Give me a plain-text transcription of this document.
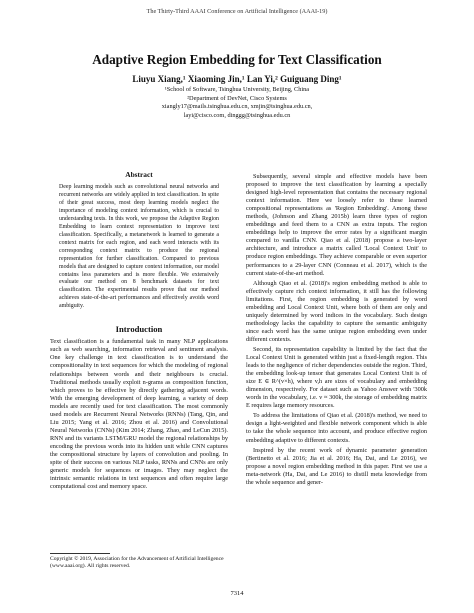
The Thirty-Third AAAI Conference on Artificial Intelligence (AAAI-19)
Adaptive Region Embedding for Text Classification
Liuyu Xiang,¹ Xiaoming Jin,¹ Lan Yi,² Guiguang Ding¹
¹School of Software, Tsinghua University, Beijing, China
²Department of DevNet, Cisco Systems
xiangly17@mails.tsinghua.edu.cn, xmjin@tsinghua.edu.cn,
layi@cisco.com, dinggg@tsinghua.edu.cn
Abstract

Deep learning models such as convolutional neural networks and recurrent networks are widely applied in text classification. In spite of their great success, most deep learning models neglect the importance of modeling context information, which is crucial to understanding texts. In this work, we propose the Adaptive Region Embedding to learn context representation to improve text classification. Specifically, a metanetwork is learned to generate a context matrix for each region, and each word interacts with its corresponding context matrix to produce the regional representation for further classification. Compared to previous models that are designed to capture context information, our model contains less parameters and is more flexible. We extensively evaluate our method on 8 benchmark datasets for text classification. The experimental results prove that our method achieves state-of-the-art performances and effectively avoids word ambiguity.

Introduction

Text classification is a fundamental task in many NLP applications such as web searching, information retrieval and sentiment analysis. One key challenge in text classification is to understand the compositionality in text sequences for which the modeling of regional relationships between words and their neighbours is crucial. Traditional methods usually exploit n-grams as composition function, which proves to be effective by directly gathering adjacent words. With the emerging development of deep learning, a variety of deep models are recently used for text classification. The most commonly used models are Recurrent Neural Networks (RNNs) (Tang, Qin, and Liu 2015; Yang et al. 2016; Zhou et al. 2016) and Convolutional Neural Networks (CNNs) (Kim 2014; Zhang, Zhao, and LeCun 2015). RNN and its variants LSTM/GRU model the regional relationships by encoding the previous words into its hidden unit while CNN captures the compositional structure by layers of convolution and pooling. In spite of their success on various NLP tasks, RNNs and CNNs are only generic models for sequences or images. They may neglect the intrinsic semantic relations in text sequences and often require large computational cost and memory space.

Subsequently, several simple and effective models have been proposed to improve the text classification by learning a specially designed high-level representation that contains the necessary regional context information. Here we loosely refer to these learned compositional representations as 'Region Embedding'. Among these methods, (Johnson and Zhang 2015b) learn three types of region embeddings and feed them to a CNN as extra inputs. The region embeddings help to improve the error rates by a significant margin compared to vanilla CNN. Qiao et al. (2018) propose a two-layer architecture, and introduce a matrix called 'Local Context Unit' to produce region embeddings. They achieve comparable or even superior performances to a 29-layer CNN (Conneau et al. 2017), which is the current state-of-the-art method.

Although Qiao et al. (2018)'s region embedding method is able to effectively capture rich context information, it still has the following limitations. First, the region embedding is generated by word embedding and Local Context Unit, where both of them are only and uniquely determined by word indices in the vocabulary. Such design methodology lacks the capability to capture the semantic ambiguity since each word has the same unique region embedding even under different contexts.

Second, its representation capability is limited by the fact that the Local Context Unit is generated within just a fixed-length region. This leads to the negligence of richer dependencies outside the region. Third, the embedding look-up tensor that generates Local Context Unit is of size E ∈ R^(v×h), where v,h are sizes of vocabulary and embedding dimension, respectively. For dataset such as Yahoo Answer with '300k words in the vocabulary, i.e. v ≈ 300k, the storage of embedding matrix E requires large memory resources.

To address the limitations of Qiao et al. (2018)'s method, we need to design a light-weighted and flexible network component which is able to take the whole sequence into account, and produce effective region embedding adaptive to different contexts.

Inspired by the recent work of dynamic parameter generation (Bertinetto et al. 2016; Jia et al. 2016; Ha, Dai, and Le 2016), we propose a novel region embedding method in this paper. First we use a meta-network (Ha, Dai, and Le 2016) to distill meta knowledge from the whole sequence and gener-

Copyright © 2019, Association for the Advancement of Artificial Intelligence (www.aaai.org). All rights reserved.
7314
